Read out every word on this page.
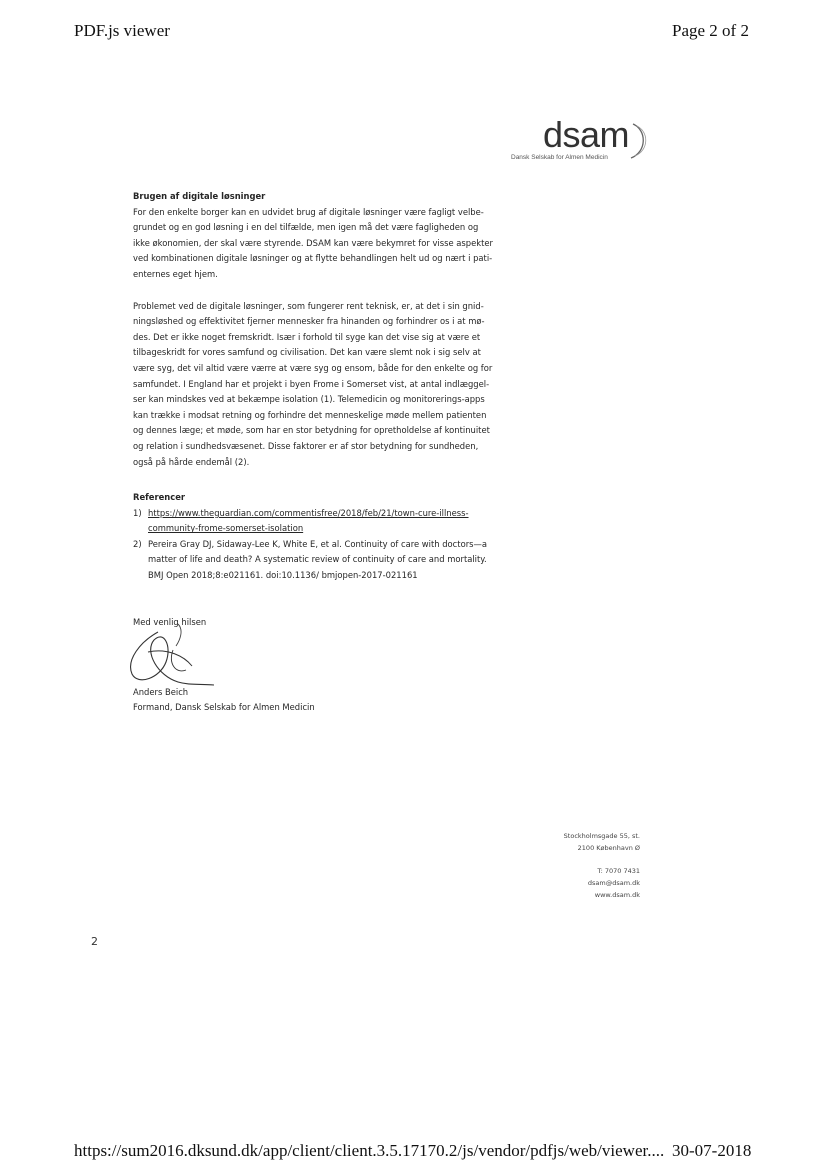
PDF.js viewer	Page 2 of 2
dsam
Dansk Selskab for Almen Medicin

Brugen af digitale løsninger

For den enkelte borger kan en udvidet brug af digitale løsninger være fagligt velbe-

grundet og en god løsning i en del tilfælde, men igen må det være fagligheden og

ikke økonomien, der skal være styrende. DSAM kan være bekymret for visse aspekter

ved kombinationen digitale løsninger og at flytte behandlingen helt ud og nært i pati-

enternes eget hjem.

Problemet ved de digitale løsninger, som fungerer rent teknisk, er, at det i sin gnid-

ningsløshed og effektivitet fjerner mennesker fra hinanden og forhindrer os i at mø-

des. Det er ikke noget fremskridt. Især i forhold til syge kan det vise sig at være et

tilbageskridt for vores samfund og civilisation. Det kan være slemt nok i sig selv at

være syg, det vil altid være værre at være syg og ensom, både for den enkelte og for

samfundet. I England har et projekt i byen Frome i Somerset vist, at antal indlæggel-

ser kan mindskes ved at bekæmpe isolation (1). Telemedicin og monitorerings-apps

kan trække i modsat retning og forhindre det menneskelige møde mellem patienten

og dennes læge; et møde, som har en stor betydning for opretholdelse af kontinuitet

og relation i sundhedsvæsenet. Disse faktorer er af stor betydning for sundheden,

også på hårde endemål (2).

Referencer

1) https://www.theguardian.com/commentisfree/2018/feb/21/town-cure-illness-
community-frome-somerset-isolation
2) Pereira Gray DJ, Sidaway-Lee K, White E, et al. Continuity of care with doctors—a
matter of life and death? A systematic review of continuity of care and mortality.
BMJ Open 2018;8:e021161. doi:10.1136/ bmjopen-2017-021161

Med venlig hilsen

Anders Beich

Formand, Dansk Selskab for Almen Medicin

Stockholmsgade 55, st.

2100 København Ø

T: 7070 7431

dsam@dsam.dk

www.dsam.dk

2
https://sum2016.dksund.dk/app/client/client.3.5.17170.2/js/vendor/pdfjs/web/viewer.... 30-07-2018
